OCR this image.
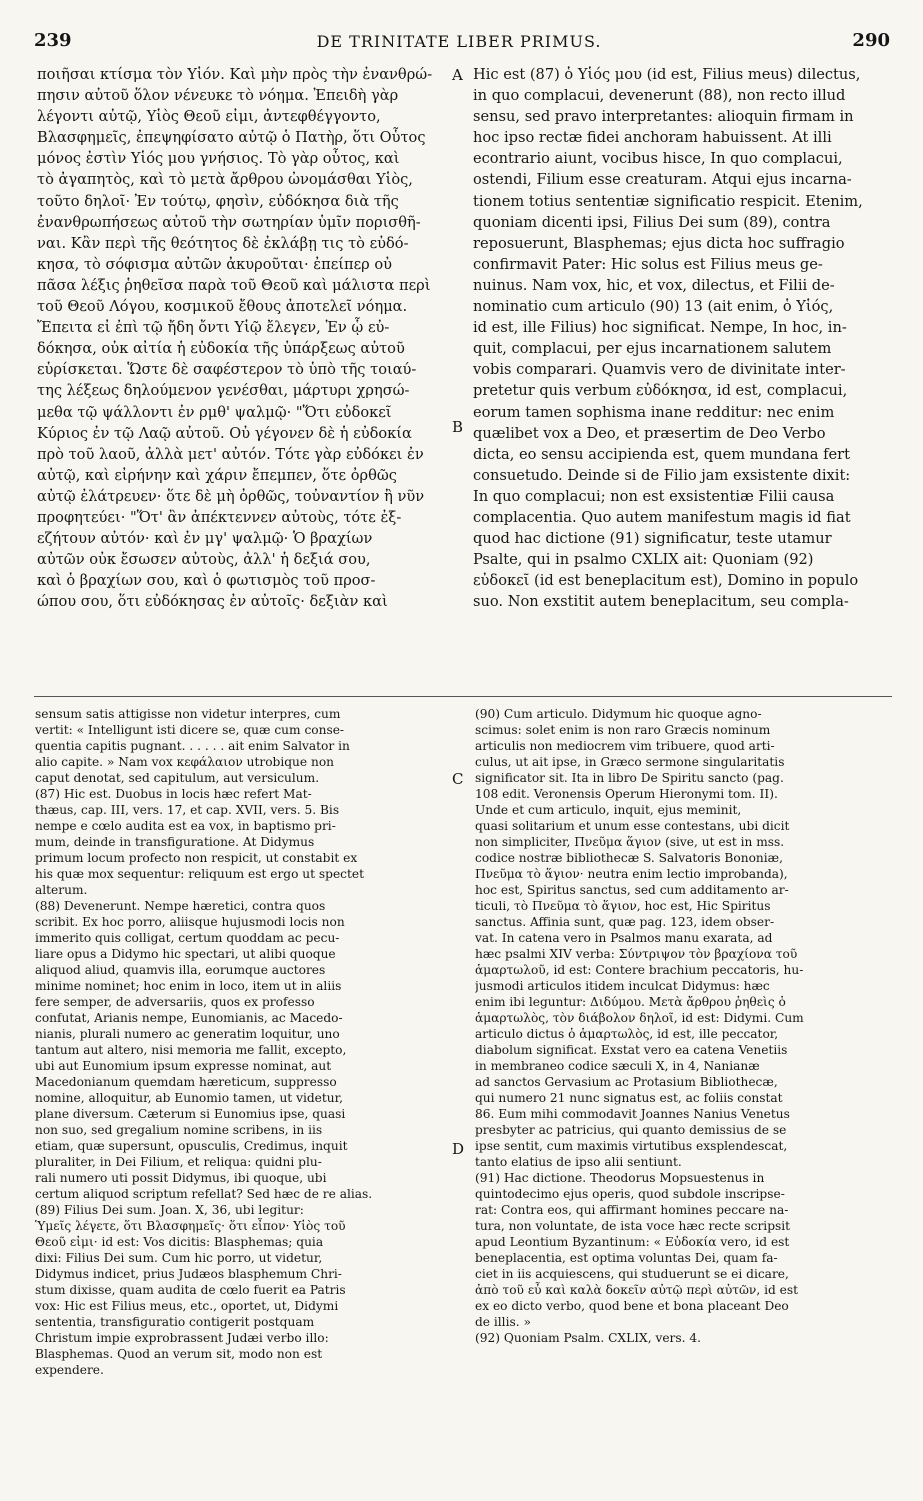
239	DE TRINITATE LIBER PRIMUS.	290
ποιῆσαι κτίσμα τὸν Υἱόν. Καὶ μὴν πρὸς τὴν ἐνανθρώ-
πησιν αὐτοῦ ὅλον νένευκε τὸ νόημα. Ἐπειδὴ γὰρ
λέγοντι αὐτῷ, Υἱὸς Θεοῦ εἰμι, ἀντεφθέγγοντο,
Βλασφημεῖς, ἐπεψηφίσατο αὐτῷ ὁ Πατὴρ, ὅτι Οὗτος
μόνος ἐστὶν Υἱός μου γνήσιος. Τὸ γὰρ οὗτος, καὶ
τὸ ἀγαπητὸς, καὶ τὸ μετὰ ἄρθρου ὠνομάσθαι Υἱὸς,
τοῦτο δηλοῖ· Ἐν τούτῳ, φησὶν, εὐδόκησα διὰ τῆς
ἐνανθρωπήσεως αὐτοῦ τὴν σωτηρίαν ὑμῖν πορισθῆ-
ναι. Κἂν περὶ τῆς θεότητος δὲ ἐκλάβῃ τις τὸ εὐδό-
κησα, τὸ σόφισμα αὐτῶν ἀκυροῦται· ἐπείπερ οὐ
πᾶσα λέξις ῥηθεῖσα παρὰ τοῦ Θεοῦ καὶ μάλιστα περὶ
τοῦ Θεοῦ Λόγου, κοσμικοῦ ἔθους ἀποτελεῖ νόημα.
Ἔπειτα εἰ ἐπὶ τῷ ἤδη ὄντι Υἱῷ ἔλεγεν, Ἐν ᾧ εὐ-
δόκησα, οὐκ αἰτία ἡ εὐδοκία τῆς ὑπάρξεως αὐτοῦ
εὑρίσκεται. Ὥστε δὲ σαφέστερον τὸ ὑπὸ τῆς τοιαύ-
της λέξεως δηλούμενον γενέσθαι, μάρτυρι χρησώ-
μεθα τῷ ψάλλοντι ἐν ρμθ' ψαλμῷ· "Ὅτι εὐδοκεῖ
Κύριος ἐν τῷ Λαῷ αὐτοῦ. Οὐ γέγονεν δὲ ἡ εὐδοκία
πρὸ τοῦ λαοῦ, ἀλλὰ μετ' αὐτόν. Τότε γὰρ εὐδόκει ἐν
αὐτῷ, καὶ εἰρήνην καὶ χάριν ἔπεμπεν, ὅτε ὀρθῶς
αὐτῷ ἐλάτρευεν· ὅτε δὲ μὴ ὀρθῶς, τοὐναντίον ἢ νῦν
προφητεύει· "Ὅτ' ἂν ἀπέκτεννεν αὐτοὺς, τότε ἐξ-
εζήτουν αὐτόν· καὶ ἐν μγ' ψαλμῷ· Ὁ βραχίων
αὐτῶν οὐκ ἔσωσεν αὐτοὺς, ἀλλ' ἡ δεξιά σου,
καὶ ὁ βραχίων σου, καὶ ὁ φωτισμὸς τοῦ προσ-
ώπου σου, ὅτι εὐδόκησας ἐν αὐτοῖς· δεξιὰν καὶ
Hic est (87) ὁ Υἱός μου (id est, Filius meus) dilectus,
in quo complacui, devenerunt (88), non recto illud
sensu, sed pravo interpretantes: alioquin firmam in
hoc ipso rectæ fidei anchoram habuissent. At illi
econtrario aiunt, vocibus hisce, In quo complacui,
ostendi, Filium esse creaturam. Atqui ejus incarna-
tionem totius sententiæ significatio respicit. Etenim,
quoniam dicenti ipsi, Filius Dei sum (89), contra
reposuerunt, Blasphemas; ejus dicta hoc suffragio
confirmavit Pater: Hic solus est Filius meus ge-
nuinus. Nam vox, hic, et vox, dilectus, et Filii de-
nominatio cum articulo (90) 13 (ait enim, ὁ Υἱός,
id est, ille Filius) hoc significat. Nempe, In hoc, in-
quit, complacui, per ejus incarnationem salutem
vobis comparari. Quamvis vero de divinitate inter-
pretetur quis verbum εὐδόκησα, id est, complacui,
eorum tamen sophisma inane redditur: nec enim
quælibet vox a Deo, et præsertim de Deo Verbo
dicta, eo sensu accipienda est, quem mundana fert
consuetudo. Deinde si de Filio jam exsistente dixit:
In quo complacui; non est exsistentiæ Filii causa
complacentia. Quo autem manifestum magis id fiat
quod hac dictione (91) significatur, teste utamur
Psalte, qui in psalmo CXLIX ait: Quoniam (92)
εὐδοκεῖ (id est beneplacitum est), Domino in populo
suo. Non exstitit autem beneplacitum, seu compla-
A
B
C
D
sensum satis attigisse non videtur interpres, cum
vertit: « Intelligunt isti dicere se, quæ cum conse-
quentia capitis pugnant. . . . . . ait enim Salvator in
alio capite. » Nam vox κεφάλαιον utrobique non
caput denotat, sed capitulum, aut versiculum.
(87) Hic est. Duobus in locis hæc refert Mat-
thæus, cap. III, vers. 17, et cap. XVII, vers. 5. Bis
nempe e cœlo audita est ea vox, in baptismo pri-
mum, deinde in transfiguratione. At Didymus
primum locum profecto non respicit, ut constabit ex
his quæ mox sequentur: reliquum est ergo ut spectet
alterum.
(88) Devenerunt. Nempe hæretici, contra quos
scribit. Ex hoc porro, aliisque hujusmodi locis non
immerito quis colligat, certum quoddam ac pecu-
liare opus a Didymo hic spectari, ut alibi quoque
aliquod aliud, quamvis illa, eorumque auctores
minime nominet; hoc enim in loco, item ut in aliis
fere semper, de adversariis, quos ex professo
confutat, Arianis nempe, Eunomianis, ac Macedo-
nianis, plurali numero ac generatim loquitur, uno
tantum aut altero, nisi memoria me fallit, excepto,
ubi aut Eunomium ipsum expresse nominat, aut
Macedonianum quemdam hæreticum, suppresso
nomine, alloquitur, ab Eunomio tamen, ut videtur,
plane diversum. Cæterum si Eunomius ipse, quasi
non suo, sed gregalium nomine scribens, in iis
etiam, quæ supersunt, opusculis, Credimus, inquit
pluraliter, in Dei Filium, et reliqua: quidni plu-
rali numero uti possit Didymus, ibi quoque, ubi
certum aliquod scriptum refellat? Sed hæc de re alias.
(89) Filius Dei sum. Joan. X, 36, ubi legitur:
Ὑμεῖς λέγετε, ὅτι Βλασφημεῖς· ὅτι εἶπον· Υἱὸς τοῦ
Θεοῦ εἰμι· id est: Vos dicitis: Blasphemas; quia
dixi: Filius Dei sum. Cum hic porro, ut videtur,
Didymus indicet, prius Judæos blasphemum Chri-
stum dixisse, quam audita de cœlo fuerit ea Patris
vox: Hic est Filius meus, etc., oportet, ut, Didymi
sententia, transfiguratio contigerit postquam
Christum impie exprobrassent Judæi verbo illo:
Blasphemas. Quod an verum sit, modo non est
expendere.
(90) Cum articulo. Didymum hic quoque agno-
scimus: solet enim is non raro Græcis nominum
articulis non mediocrem vim tribuere, quod arti-
culus, ut ait ipse, in Græco sermone singularitatis
significator sit. Ita in libro De Spiritu sancto (pag.
108 edit. Veronensis Operum Hieronymi tom. II).
Unde et cum articulo, inquit, ejus meminit,
quasi solitarium et unum esse contestans, ubi dicit
non simpliciter, Πνεῦμα ἅγιον (sive, ut est in mss.
codice nostræ bibliothecæ S. Salvatoris Bononiæ,
Πνεῦμα τὸ ἅγιον· neutra enim lectio improbanda),
hoc est, Spiritus sanctus, sed cum additamento ar-
ticuli, τὸ Πνεῦμα τὸ ἅγιον, hoc est, Hic Spiritus
sanctus. Affinia sunt, quæ pag. 123, idem obser-
vat. In catena vero in Psalmos manu exarata, ad
hæc psalmi XIV verba: Σύντριψον τὸν βραχίονα τοῦ
ἁμαρτωλοῦ, id est: Contere brachium peccatoris, hu-
jusmodi articulos itidem inculcat Didymus: hæc
enim ibi leguntur: Διδύμου. Μετὰ ἄρθρου ῥηθεὶς ὁ
ἁμαρτωλὸς, τὸν διάβολον δηλοῖ, id est: Didymi. Cum
articulo dictus ὁ ἁμαρτωλὸς, id est, ille peccator,
diabolum significat. Exstat vero ea catena Venetiis
in membraneo codice sæculi X, in 4, Nanianæ
ad sanctos Gervasium ac Protasium Bibliothecæ,
qui numero 21 nunc signatus est, ac foliis constat
86. Eum mihi commodavit Joannes Nanius Venetus
presbyter ac patricius, qui quanto demissius de se
ipse sentit, cum maximis virtutibus exsplendescat,
tanto elatius de ipso alii sentiunt.
(91) Hac dictione. Theodorus Mopsuestenus in
quintodecimo ejus operis, quod subdole inscripse-
rat: Contra eos, qui affirmant homines peccare na-
tura, non voluntate, de ista voce hæc recte scripsit
apud Leontium Byzantinum: « Εὐδοκία vero, id est
beneplacentia, est optima voluntas Dei, quam fa-
ciet in iis acquiescens, qui studuerunt se ei dicare,
ἀπὸ τοῦ εὖ καὶ καλὰ δοκεῖν αὐτῷ περὶ αὐτῶν, id est
ex eo dicto verbo, quod bene et bona placeant Deo
de illis. »
(92) Quoniam Psalm. CXLIX, vers. 4.
